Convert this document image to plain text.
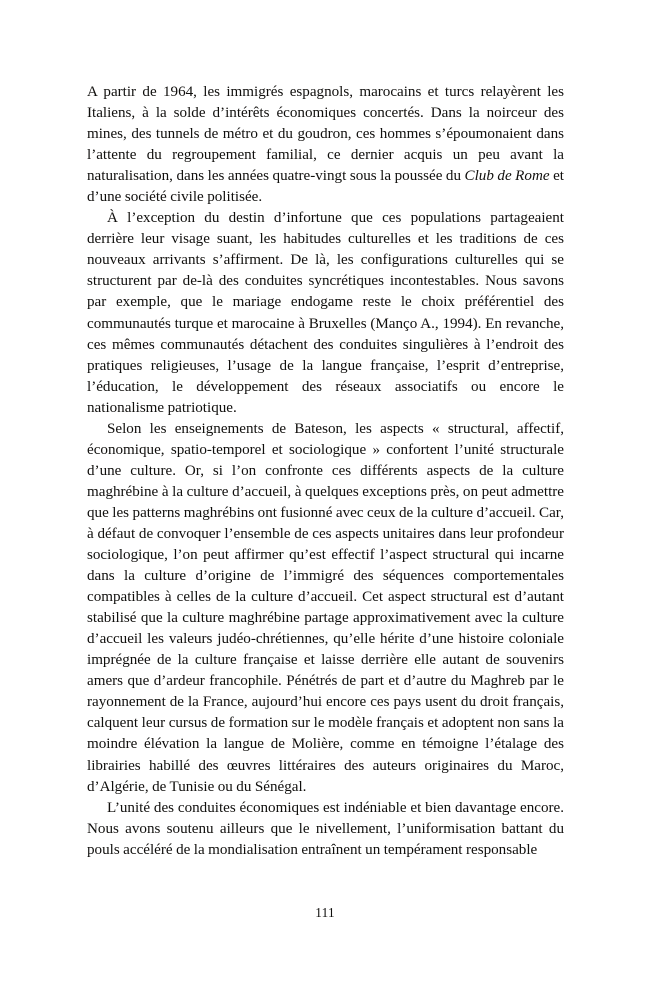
A partir de 1964, les immigrés espagnols, marocains et turcs relayèrent les Italiens, à la solde d’intérêts économiques concertés. Dans la noirceur des mines, des tunnels de métro et du goudron, ces hommes s’époumonaient dans l’attente du regroupement familial, ce dernier acquis un peu avant la naturalisation, dans les années quatre-vingt sous la poussée du Club de Rome et d’une société civile politisée.

À l’exception du destin d’infortune que ces populations partageaient derrière leur visage suant, les habitudes culturelles et les traditions de ces nouveaux arrivants s’affirment. De là, les configurations culturelles qui se structurent par de-là des conduites syncrétiques incontestables. Nous savons par exemple, que le mariage endogame reste le choix préférentiel des communautés turque et marocaine à Bruxelles (Manço A., 1994). En revanche, ces mêmes communautés détachent des conduites singulières à l’endroit des pratiques religieuses, l’usage de la langue française, l’esprit d’entreprise, l’éducation, le développement des réseaux associatifs ou encore le nationalisme patriotique.

Selon les enseignements de Bateson, les aspects « structural, affectif, économique, spatio-temporel et sociologique » confortent l’unité structurale d’une culture. Or, si l’on confronte ces différents aspects de la culture maghrébine à la culture d’accueil, à quelques exceptions près, on peut admettre que les patterns maghrébins ont fusionné avec ceux de la culture d’accueil. Car, à défaut de convoquer l’ensemble de ces aspects unitaires dans leur profondeur sociologique, l’on peut affirmer qu’est effectif l’aspect structural qui incarne dans la culture d’origine de l’immigré des séquences comportementales compatibles à celles de la culture d’accueil. Cet aspect structural est d’autant stabilisé que la culture maghrébine partage approximativement avec la culture d’accueil les valeurs judéo-chrétiennes, qu’elle hérite d’une histoire coloniale imprégnée de la culture française et laisse derrière elle autant de souvenirs amers que d’ardeur francophile. Pénétrés de part et d’autre du Maghreb par le rayonnement de la France, aujourd’hui encore ces pays usent du droit français, calquent leur cursus de formation sur le modèle français et adoptent non sans la moindre élévation la langue de Molière, comme en témoigne l’étalage des librairies habillé des œuvres littéraires des auteurs originaires du Maroc, d’Algérie, de Tunisie ou du Sénégal.

L’unité des conduites économiques est indéniable et bien davantage encore. Nous avons soutenu ailleurs que le nivellement, l’uniformisation battant du pouls accéléré de la mondialisation entraînent un tempérament responsable

111
